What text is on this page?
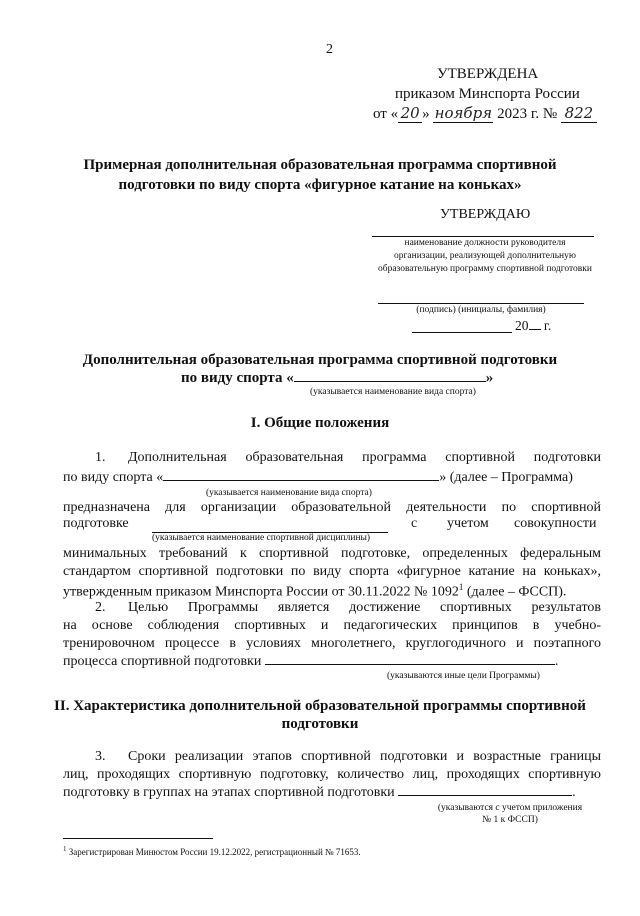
2
УТВЕРЖДЕНА
приказом Минспорта России
от « 20 » ноября 2023 г. № 822
Примерная дополнительная образовательная программа спортивной
подготовки по виду спорта «фигурное катание на коньках»
УТВЕРЖДАЮ
наименование должности руководителя
организации, реализующей дополнительную
образовательную программу спортивной подготовки
(подпись) (инициалы, фамилия)
20 г.
Дополнительная образовательная программа спортивной подготовки
по виду спорта «	»
(указывается наименование вида спорта)
I. Общие положения
1. Дополнительная образовательная программа спортивной подготовки
по виду спорта «	» (далее – Программа)
(указывается наименование вида спорта)
предназначена для организации образовательной деятельности по спортивной
подготовке	с учетом совокупности
(указывается наименование спортивной дисциплины)
минимальных требований к спортивной подготовке, определенных федеральным
стандартом спортивной подготовки по виду спорта «фигурное катание на коньках»,
утвержденным приказом Минспорта России от 30.11.2022 № 1092$^1$ (далее – ФССП).
2. Целью Программы является достижение спортивных результатов
на основе соблюдения спортивных и педагогических принципов в учебно-
тренировочном процессе в условиях многолетнего, круглогодичного и поэтапного
процесса спортивной подготовки	.
(указываются иные цели Программы)
II. Характеристика дополнительной образовательной программы спортивной
подготовки
3. Сроки реализации этапов спортивной подготовки и возрастные границы
лиц, проходящих спортивную подготовку, количество лиц, проходящих спортивную
подготовку в группах на этапах спортивной подготовки	.
(указываются с учетом приложения
№ 1 к ФССП)
$^1$ Зарегистрирован Минюстом России 19.12.2022, регистрационный № 71653.
